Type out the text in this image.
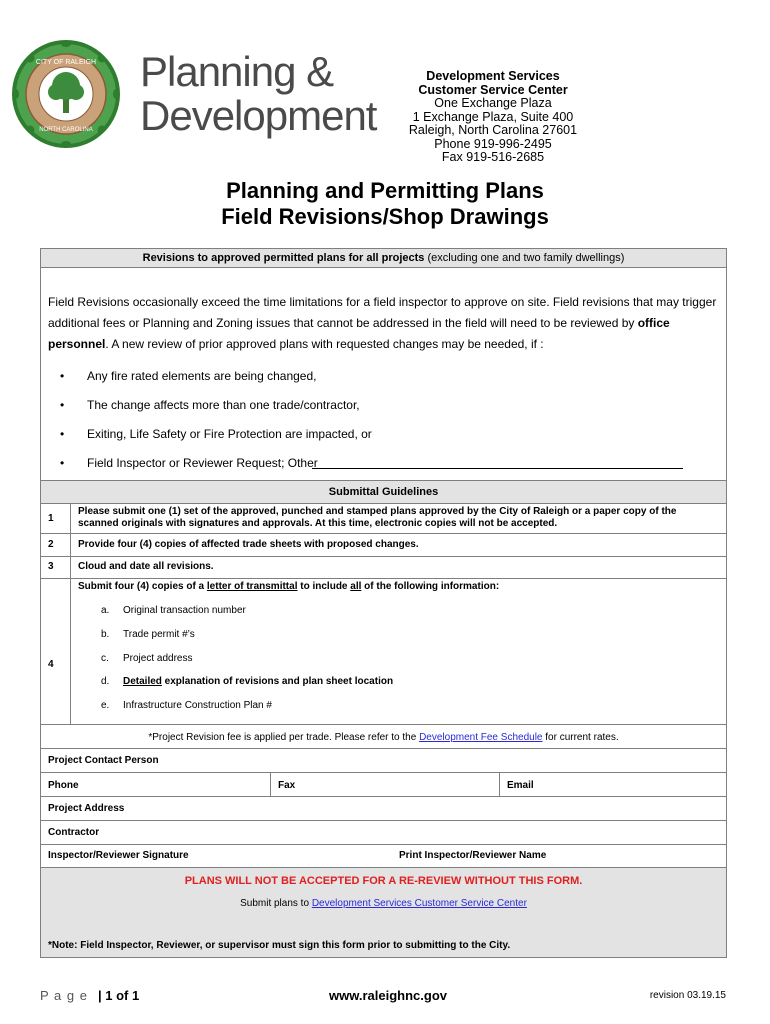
CITY OF RALEIGH
NORTH CAROLINA
Planning &
Development
Development Services
Customer Service Center
One Exchange Plaza
1 Exchange Plaza, Suite 400
Raleigh, North Carolina 27601
Phone 919-996-2495
Fax 919-516-2685
Planning and Permitting Plans
Field Revisions/Shop Drawings
Revisions to approved permitted plans for all projects (excluding one and two family dwellings)
Field Revisions occasionally exceed the time limitations for a field inspector to approve on site. Field revisions that may trigger
additional fees or Planning and Zoning issues that cannot be addressed in the field will need to be reviewed by office
personnel. A new review of prior approved plans with requested changes may be needed, if :
• Any fire rated elements are being changed,
• The change affects more than one trade/contractor,
• Exiting, Life Safety or Fire Protection are impacted, or
• Field Inspector or Reviewer Request; Other
Submittal Guidelines
1
Please submit one (1) set of the approved, punched and stamped plans approved by the City of Raleigh or a paper copy of the
scanned originals with signatures and approvals. At this time, electronic copies will not be accepted.
2 Provide four (4) copies of affected trade sheets with proposed changes.
3 Cloud and date all revisions.
4
Submit four (4) copies of a letter of transmittal to include all of the following information:
a. Original transaction number
b. Trade permit #’s
c. Project address
d. Detailed explanation of revisions and plan sheet location
e. Infrastructure Construction Plan #
*Project Revision fee is applied per trade. Please refer to the Development Fee Schedule for current rates.
Project Contact Person
Phone	Fax	Email
Project Address
Contractor
Inspector/Reviewer Signature	Print Inspector/Reviewer Name
PLANS WILL NOT BE ACCEPTED FOR A RE-REVIEW WITHOUT THIS FORM.
Submit plans to Development Services Customer Service Center
*Note: Field Inspector, Reviewer, or supervisor must sign this form prior to submitting to the City.
P a g e | 1 of 1	www.raleighnc.gov	revision 03.19.15
